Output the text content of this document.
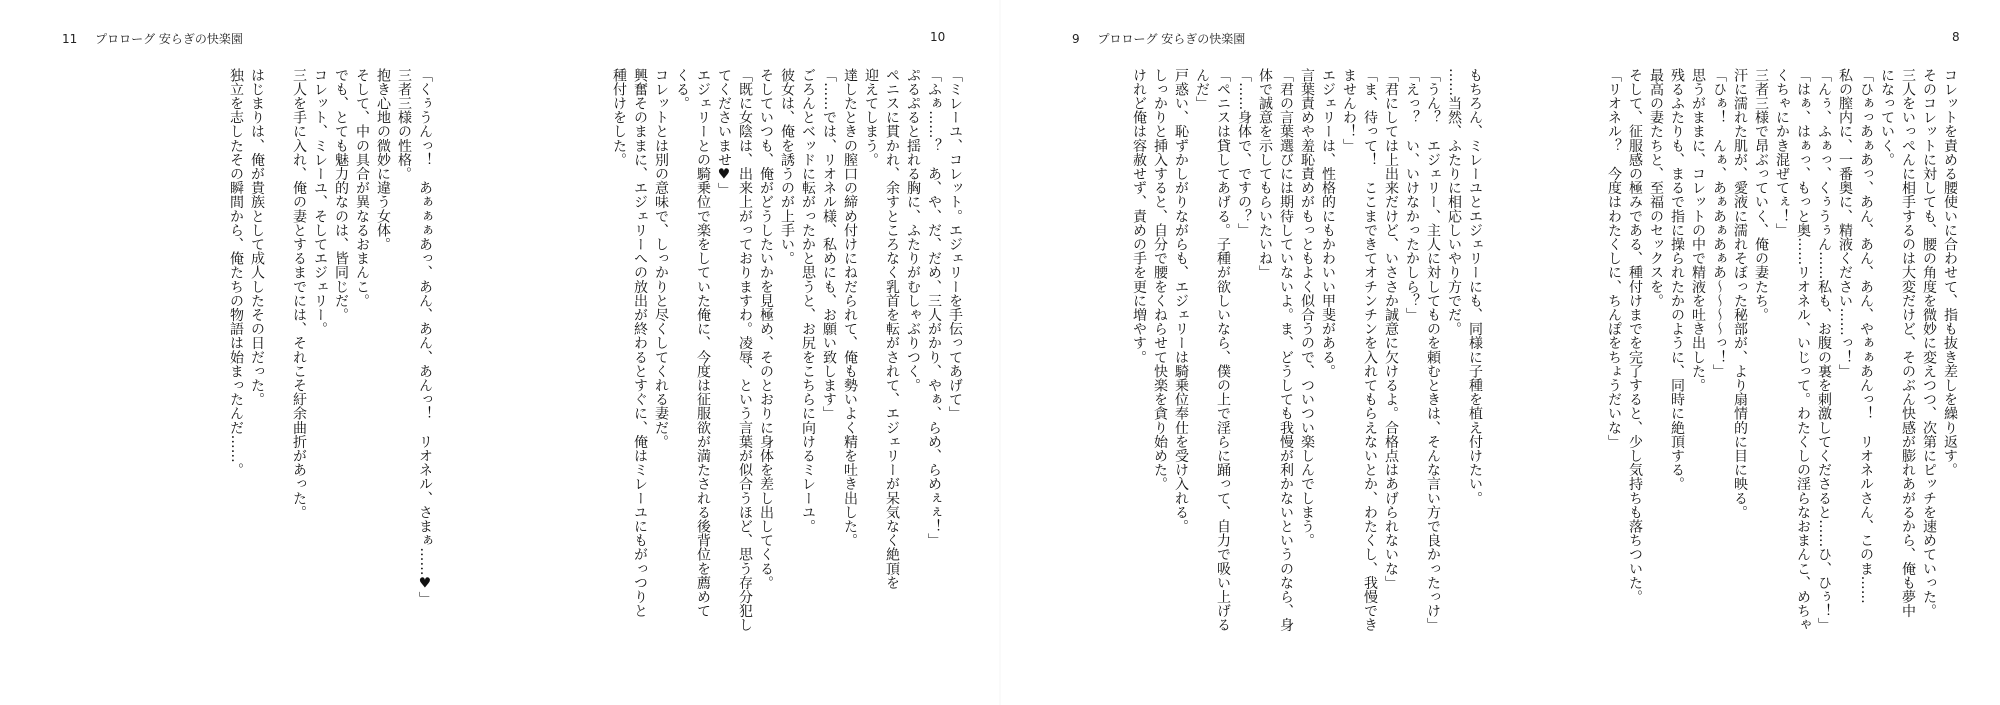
11 プロローグ 安らぎの快楽園	10

「ミレーユ、コレット。エジェリーを手伝ってあげて」

「ふぁ……？　あ、や、だ、だめ、三人がかり、やぁ、らめ、らめぇぇ！」

ぷるぷると揺れる胸に、ふたりがむしゃぶりつく。

ペニスに貫かれ、余すところなく乳首を転がされて、エジェリーが呆気なく絶頂を

迎えてしまう。

達したときの膣口の締め付けにねだられて、俺も勢いよく精を吐き出した。

「……では、リオネル様、私めにも、お願い致します」

ごろんとベッドに転がったかと思うと、お尻をこちらに向けるミレーユ。

彼女は、俺を誘うのが上手い。

そしていつも、俺がどうしたいかを見極め、そのとおりに身体を差し出してくる。

「既に女陰は、出来上がっておりますわ。凌辱、という言葉が似合うほど、思う存分犯し

てくださいませ♥」

エジェリーとの騎乗位で楽をしていた俺に、今度は征服欲が満たされる後背位を薦めて

くる。

コレットとは別の意味で、しっかりと尽くしてくれる妻だ。

興奮そのままに、エジェリーへの放出が終わるとすぐに、俺はミレーユにもがっつりと

種付けをした。

「くぅうんっ！　あぁぁぁあっ、あん、あん、あんっ！　リオネル、さまぁ……♥」

三者三様の性格。

抱き心地の微妙に違う女体。

そして、中の具合が異なるおまんこ。

でも、とても魅力的なのは、皆同じだ。

コレット、ミレーユ、そしてエジェリー。

三人を手に入れ、俺の妻とするまでには、それこそ紆余曲折があった。

はじまりは、俺が貴族として成人したその日だった。

独立を志したその瞬間から、俺たちの物語は始まったんだ……。

9 プロローグ 安らぎの快楽園	8

コレットを責める腰使いに合わせて、指も抜き差しを繰り返す。

そのコレットに対しても、腰の角度を微妙に変えつつ、次第にピッチを速めていった。

三人をいっぺんに相手するのは大変だけど、そのぶん快感が膨れあがるから、俺も夢中

になっていく。

「ひぁっあぁあっ、あん、あん、あん、やぁぁあんっ！　リオネルさん、このま……

私の膣内に、一番奥に、精液ください……っ！」

「んぅ、ふぁっ、くぅうぅん……私も、お腹の裏を刺激してくださると……ひ、ひぅ！」

「はぁ、はぁっ、もっと奥……リオネル、いじって。わたくしの淫らなおまんこ、めちゃ

くちゃにかき混ぜてぇ！」

三者三様で昂ぶっていく、俺の妻たち。

汗に濡れた肌が、愛液に濡れそぼった秘部が、より扇情的に目に映る。

「ひぁ！　んぁ、あぁあぁあぁあ～～～～っ！」

思うがままに、コレットの中で精液を吐き出した。

残るふたりも、まるで指に操られたかのように、同時に絶頂する。

最高の妻たちと、至福のセックスを。

そして、征服感の極みである、種付けまでを完了すると、少し気持ちも落ちついた。

「リオネル？　今度はわたくしに、ちんぽをちょうだいな」

もちろん、ミレーユとエジェリーにも、同様に子種を植え付けたい。

……当然、ふたりに相応しいやり方でだ。

「うん？　エジェリー、主人に対してものを頼むときは、そんな言い方で良かったっけ」

「えっ？　い、いけなかったかしら？」

「君にしては上出来だけど、いささか誠意に欠けるよ。合格点はあげられないな」

「ま、待って！　ここまできてオチンチンを入れてもらえないとか、わたくし、我慢でき

ませんわ！」

エジェリーは、性格的にもかわいい甲斐がある。

言葉責めや羞恥責めがもっともよく似合うので、ついつい楽しんでしまう。

「君の言葉選びには期待していないよ。ま、どうしても我慢が利かないというのなら、身

体で誠意を示してもらいたいね」

「……身体で、ですの？」

「ペニスは貸してあげる。子種が欲しいなら、僕の上で淫らに踊って、自力で吸い上げる

んだ」

戸惑い、恥ずかしがりながらも、エジェリーは騎乗位奉仕を受け入れる。

しっかりと挿入すると、自分で腰をくねらせて快楽を貪り始めた。

けれど俺は容赦せず、責めの手を更に増やす。
